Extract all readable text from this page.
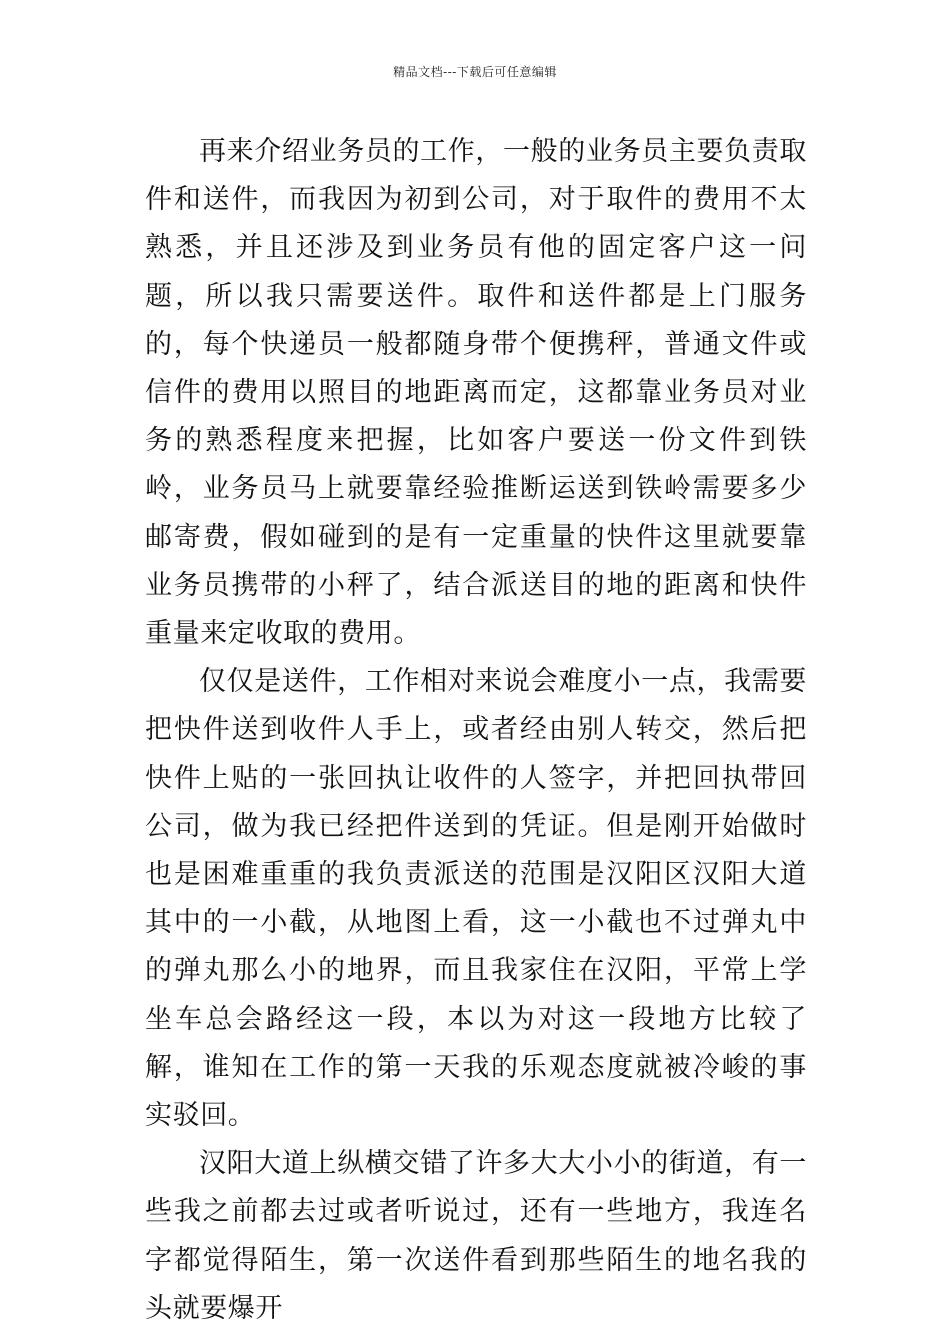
精品文档---下载后可任意编辑

再来介绍业务员的工作，一般的业务员主要负责取件和送件，而我因为初到公司，对于取件的费用不太熟悉，并且还涉及到业务员有他的固定客户这一问题，所以我只需要送件。取件和送件都是上门服务的，每个快递员一般都随身带个便携秤，普通文件或信件的费用以照目的地距离而定，这都靠业务员对业务的熟悉程度来把握，比如客户要送一份文件到铁岭，业务员马上就要靠经验推断运送到铁岭需要多少邮寄费，假如碰到的是有一定重量的快件这里就要靠业务员携带的小秤了，结合派送目的地的距离和快件重量来定收取的费用。

仅仅是送件，工作相对来说会难度小一点，我需要把快件送到收件人手上，或者经由别人转交，然后把快件上贴的一张回执让收件的人签字，并把回执带回公司，做为我已经把件送到的凭证。但是刚开始做时也是困难重重的我负责派送的范围是汉阳区汉阳大道其中的一小截，从地图上看，这一小截也不过弹丸中的弹丸那么小的地界，而且我家住在汉阳，平常上学坐车总会路经这一段，本以为对这一段地方比较了解，谁知在工作的第一天我的乐观态度就被冷峻的事实驳回。

汉阳大道上纵横交错了许多大大小小的街道，有一些我之前都去过或者听说过，还有一些地方，我连名字都觉得陌生，第一次送件看到那些陌生的地名我的头就要爆开
